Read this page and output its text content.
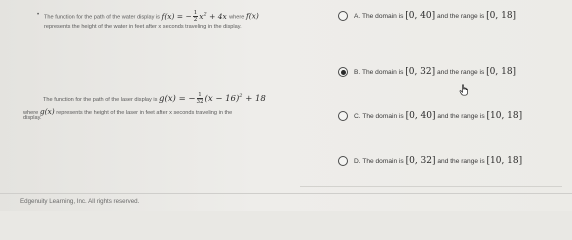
• The function for the path of the water display is f(x) = − $\frac{1}{2} x^2 + 4x$ where f(x)
represents the height of the water in feet after x seconds traveling in the display.
The function for the path of the laser display is g(x) = − $\frac{1}{32} (x - 16)^2 + 18$
where g(x) represents the height of the laser in feet after x seconds traveling in the
display.
A. The domain is [0, 40] and the range is [0, 18]
B. The domain is [0, 32] and the range is [0, 18]
C. The domain is [0, 40] and the range is [10, 18]
D. The domain is [0, 32] and the range is [10, 18]
Edgenuity Learning, Inc. All rights reserved.
